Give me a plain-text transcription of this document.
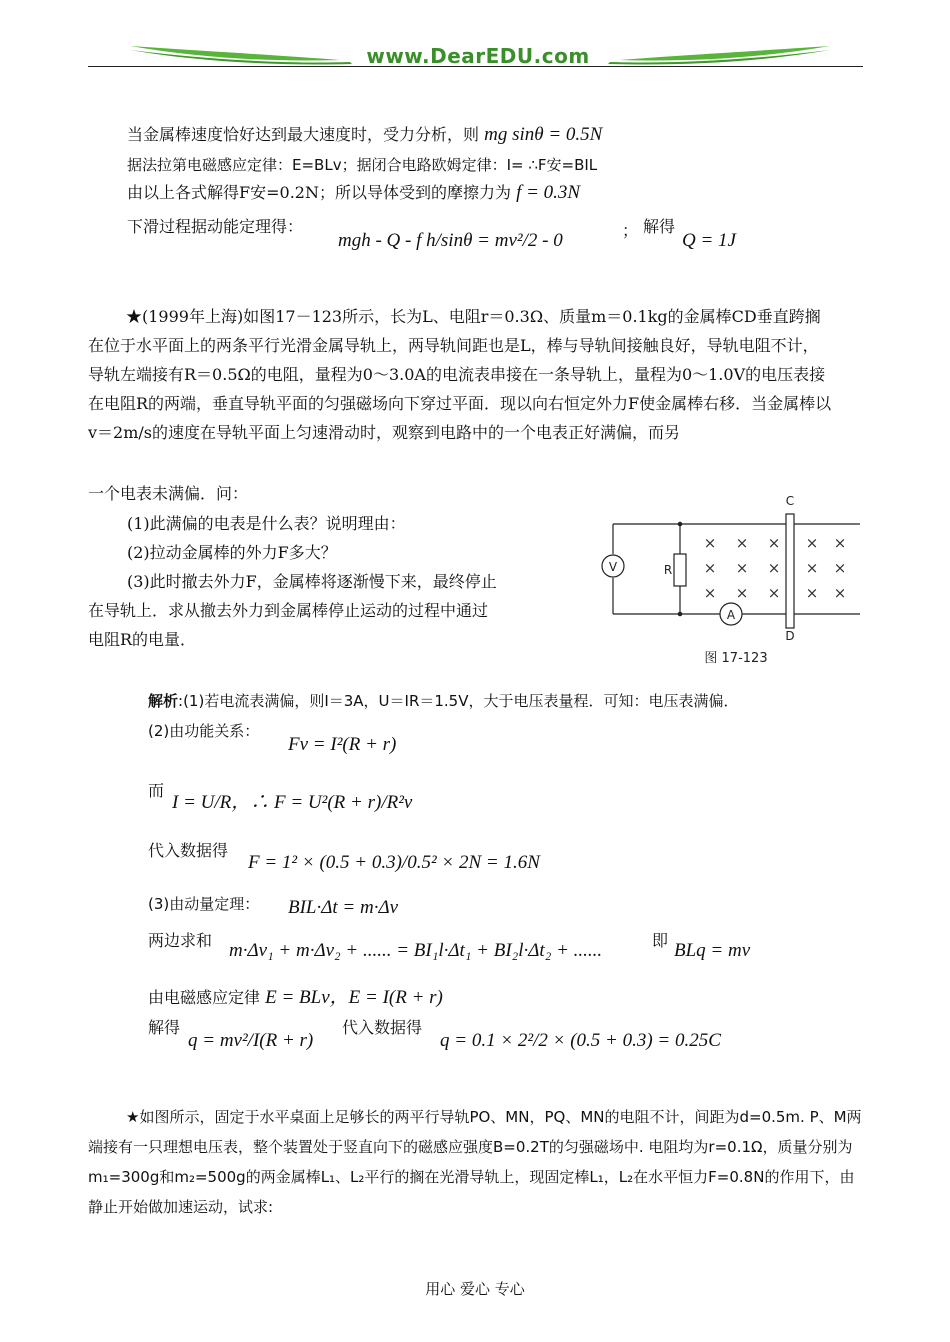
www.DearEDU.com
当金属棒速度恰好达到最大速度时，受力分析，则 mg sinθ = 0.5N
据法拉第电磁感应定律：E=BLv；据闭合电路欧姆定律：I= ∴F安=BIL
由以上各式解得F安=0.2N；所以导体受到的摩擦力为 f = 0.3N
下滑过程据动能定理得：
mgh - Q - f h/sinθ = mv²/2 - 0	； 解得
Q = 1J
★(1999年上海)如图17－123所示，长为L、电阻r＝0.3Ω、质量m＝0.1kg的金属棒CD垂直跨搁在位于水平面上的两条平行光滑金属导轨上，两导轨间距也是L，棒与导轨间接触良好，导轨电阻不计，导轨左端接有R＝0.5Ω的电阻，量程为0～3.0A的电流表串接在一条导轨上，量程为0～1.0V的电压表接在电阻R的两端，垂直导轨平面的匀强磁场向下穿过平面．现以向右恒定外力F使金属棒右移．当金属棒以v＝2m/s的速度在导轨平面上匀速滑动时，观察到电路中的一个电表正好满偏，而另
一个电表未满偏．问：
(1)此满偏的电表是什么表？说明理由：
(2)拉动金属棒的外力F多大？
(3)此时撤去外力F，金属棒将逐渐慢下来，最终停止
在导轨上．求从撤去外力到金属棒停止运动的过程中通过
电阻R的电量．
V	R
A
C
D
图 17-123
× × × × ×
× × × × ×
× × × × ×
解析:(1)若电流表满偏，则I＝3A，U＝IR＝1.5V，大于电压表量程．可知：电压表满偏．
(2)由功能关系：
Fv = I²(R + r)
而
I = U/R，∴ F = U²(R + r)/R²v
代入数据得
F = 1² × (0.5 + 0.3)/0.5² × 2N = 1.6N
(3)由动量定理： BIL·Δt = m·Δv
两边求和 m·Δv₁ + m·Δv₂ + ...... = BI₁l·Δt₁ + BI₂l·Δt₂ + ......	即 BLq = mv
由电磁感应定律 E = BLv，E = I(R + r)
解得
q = mv²/I(R + r)
代入数据得
q = 0.1 × 2²/2 × (0.5 + 0.3) = 0.25C
★如图所示，固定于水平桌面上足够长的两平行导轨PO、MN，PQ、MN的电阻不计，间距为d=0.5m. P、M两端接有一只理想电压表，整个装置处于竖直向下的磁感应强度B=0.2T的匀强磁场中. 电阻均为r=0.1Ω，质量分别为m₁=300g和m₂=500g的两金属棒L₁、L₂平行的搁在光滑导轨上，现固定棒L₁，L₂在水平恒力F=0.8N的作用下，由静止开始做加速运动，试求:
用心 爱心 专心
